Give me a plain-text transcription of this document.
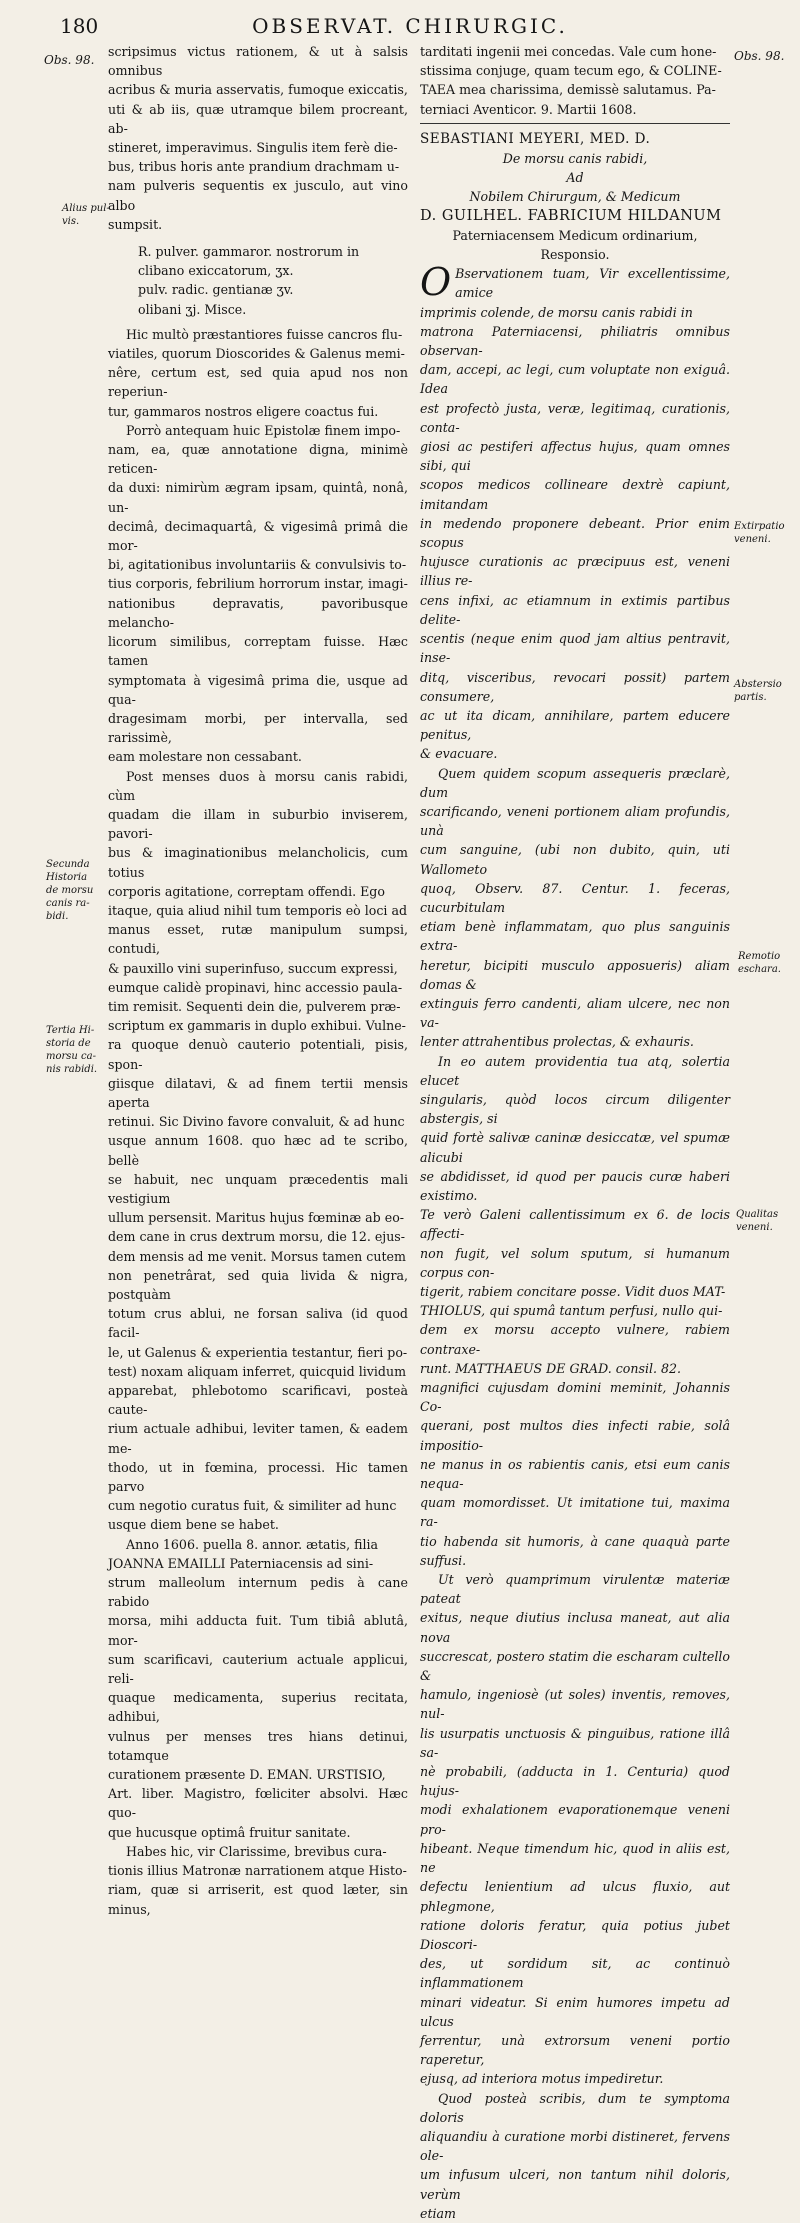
180	OBSERVAT. CHIRURGIC.
Obs. 98.	Obs. 98.
Alius pul-
vis.
Secunda
Historia
de morsu
canis ra-
bidi.
Tertia Hi-
storia de
morsu ca-
nis rabidi.
Extirpatio
veneni.
Abstersio
partis.
Remotio
eschara.
Qualitas
veneni.

scripsimus victus rationem, & ut à salsis omnibus
acribus & muria asservatis, fumoque exiccatis,
uti & ab iis, quæ utramque bilem procreant, ab-
stineret, imperavimus. Singulis item ferè die-
bus, tribus horis ante prandium drachmam u-
nam pulveris sequentis ex jusculo, aut vino albo
sumpsit.

R. pulver. gammaror. nostrorum in
clibano exiccatorum, ʒx.
pulv. radic. gentianæ ʒv.
olibani ʒj. Misce.

Hic multò præstantiores fuisse cancros flu-
viatiles, quorum Dioscorides & Galenus memi-
nêre, certum est, sed quia apud nos non reperiun-
tur, gammaros nostros eligere coactus fui.

Porrò antequam huic Epistolæ finem impo-
nam, ea, quæ annotatione digna, minimè reticen-
da duxi: nimirùm ægram ipsam, quintâ, nonâ, un-
decimâ, decimaquartâ, & vigesimâ primâ die mor-
bi, agitationibus involuntariis & convulsivis to-
tius corporis, febrilium horrorum instar, imagi-
nationibus depravatis, pavoribusque melancho-
licorum similibus, correptam fuisse. Hæc tamen
symptomata à vigesimâ prima die, usque ad qua-
dragesimam morbi, per intervalla, sed rarissimè,
eam molestare non cessabant.

Post menses duos à morsu canis rabidi, cùm
quadam die illam in suburbio inviserem, pavori-
bus & imaginationibus melancholicis, cum totius
corporis agitatione, correptam offendi. Ego
itaque, quia aliud nihil tum temporis eò loci ad
manus esset, rutæ manipulum sumpsi, contudi,
& pauxillo vini superinfuso, succum expressi,
eumque calidè propinavi, hinc accessio paula-
tim remisit. Sequenti dein die, pulverem præ-
scriptum ex gammaris in duplo exhibui. Vulne-
ra quoque denuò cauterio potentiali, pisis, spon-
giisque dilatavi, & ad finem tertii mensis aperta
retinui. Sic Divino favore convaluit, & ad hunc
usque annum 1608. quo hæc ad te scribo, bellè
se habuit, nec unquam præcedentis mali vestigium
ullum persensit. Maritus hujus fœminæ ab eo-
dem cane in crus dextrum morsu, die 12. ejus-
dem mensis ad me venit. Morsus tamen cutem
non penetrârat, sed quia livida & nigra, postquàm
totum crus ablui, ne forsan saliva (id quod facil-
le, ut Galenus & experientia testantur, fieri po-
test) noxam aliquam inferret, quicquid lividum
apparebat, phlebotomo scarificavi, posteà caute-
rium actuale adhibui, leviter tamen, & eadem me-
thodo, ut in fœmina, processi. Hic tamen parvo
cum negotio curatus fuit, & similiter ad hunc
usque diem bene se habet.

Anno 1606. puella 8. annor. ætatis, filia
JOANNA EMAILLI Paterniacensis ad sini-
strum malleolum internum pedis à cane rabido
morsa, mihi adducta fuit. Tum tibiâ ablutâ, mor-
sum scarificavi, cauterium actuale applicui, reli-
quaque medicamenta, superius recitata, adhibui,
vulnus per menses tres hians detinui, totamque
curationem præsente D. EMAN. URSTISIO,
Art. liber. Magistro, fœliciter absolvi. Hæc quo-
que hucusque optimâ fruitur sanitate.

Habes hic, vir Clarissime, brevibus cura-
tionis illius Matronæ narrationem atque Histo-
riam, quæ si arriserit, est quod læter, sin minus,

tarditati ingenii mei concedas. Vale cum hone-
stissima conjuge, quam tecum ego, & COLINE-
TAEA mea charissima, demissè salutamus. Pa-
terniaci Aventicor. 9. Martii 1608.

SEBASTIANI MEYERI, MED. D.

De morsu canis rabidi,
Ad
Nobilem Chirurgum, & Medicum

D. GUILHEL. FABRICIUM HILDANUM

Paterniacensem Medicum ordinarium,
Responsio.

O Bservationem tuam, Vir excellentissime, amice
imprimis colende, de morsu canis rabidi in
matrona Paterniacensi, philiatris omnibus observan-
dam, accepi, ac legi, cum voluptate non exiguâ. Idea
est profectò justa, veræ, legitimaq, curationis, conta-
giosi ac pestiferi affectus hujus, quam omnes sibi, qui
scopos medicos collineare dextrè capiunt, imitandam
in medendo proponere debeant. Prior enim scopus
hujusce curationis ac præcipuus est, veneni illius re-
cens infixi, ac etiamnum in extimis partibus delite-
scentis (neque enim quod jam altius pentravit, inse-
ditq, visceribus, revocari possit) partem consumere,
ac ut ita dicam, annihilare, partem educere penitus,
& evacuare.

Quem quidem scopum assequeris præclarè, dum
scarificando, veneni portionem aliam profundis, unà
cum sanguine, (ubi non dubito, quin, uti Wallometo
quoq, Observ. 87. Centur. 1. feceras, cucurbitulam
etiam benè inflammatam, quo plus sanguinis extra-
heretur, bicipiti musculo apposueris) aliam domas &
extinguis ferro candenti, aliam ulcere, nec non va-
lenter attrahentibus prolectas, & exhauris.

In eo autem providentia tua atq, solertia elucet
singularis, quòd locos circum diligenter abstergis, si
quid fortè salivæ caninæ desiccatæ, vel spumæ alicubi
se abdidisset, id quod per paucis curæ haberi existimo.
Te verò Galeni callentissimum ex 6. de locis affecti-
non fugit, vel solum sputum, si humanum corpus con-
tigerit, rabiem concitare posse. Vidit duos MAT-
THIOLUS, qui spumâ tantum perfusi, nullo qui-
dem ex morsu accepto vulnere, rabiem contraxe-
runt. MATTHAEUS DE GRAD. consil. 82.
magnifici cujusdam domini meminit, Johannis Co-
querani, post multos dies infecti rabie, solâ impositio-
ne manus in os rabientis canis, etsi eum canis nequa-
quam momordisset. Ut imitatione tui, maxima ra-
tio habenda sit humoris, à cane quaquà parte suffusi.

Ut verò quamprimum virulentæ materiæ pateat
exitus, neque diutius inclusa maneat, aut alia nova
succrescat, postero statim die escharam cultello &
hamulo, ingeniosè (ut soles) inventis, removes, nul-
lis usurpatis unctuosis & pinguibus, ratione illâ sa-
nè probabili, (adducta in 1. Centuria) quod hujus-
modi exhalationem evaporationemque veneni pro-
hibeant. Neque timendum hic, quod in aliis est, ne
defectu lenientium ad ulcus fluxio, aut phlegmone,
ratione doloris feratur, quia potius jubet Dioscori-
des, ut sordidum sit, ac continuò inflammationem
minari videatur. Si enim humores impetu ad ulcus
ferrentur, unà extrorsum veneni portio raperetur,
ejusq, ad interiora motus impediretur.

Quod posteà scribis, dum te symptoma doloris
aliquandiu à curatione morbi distineret, fervens ole-
um infusum ulceri, non tantum nihil doloris, verùm
etiam
